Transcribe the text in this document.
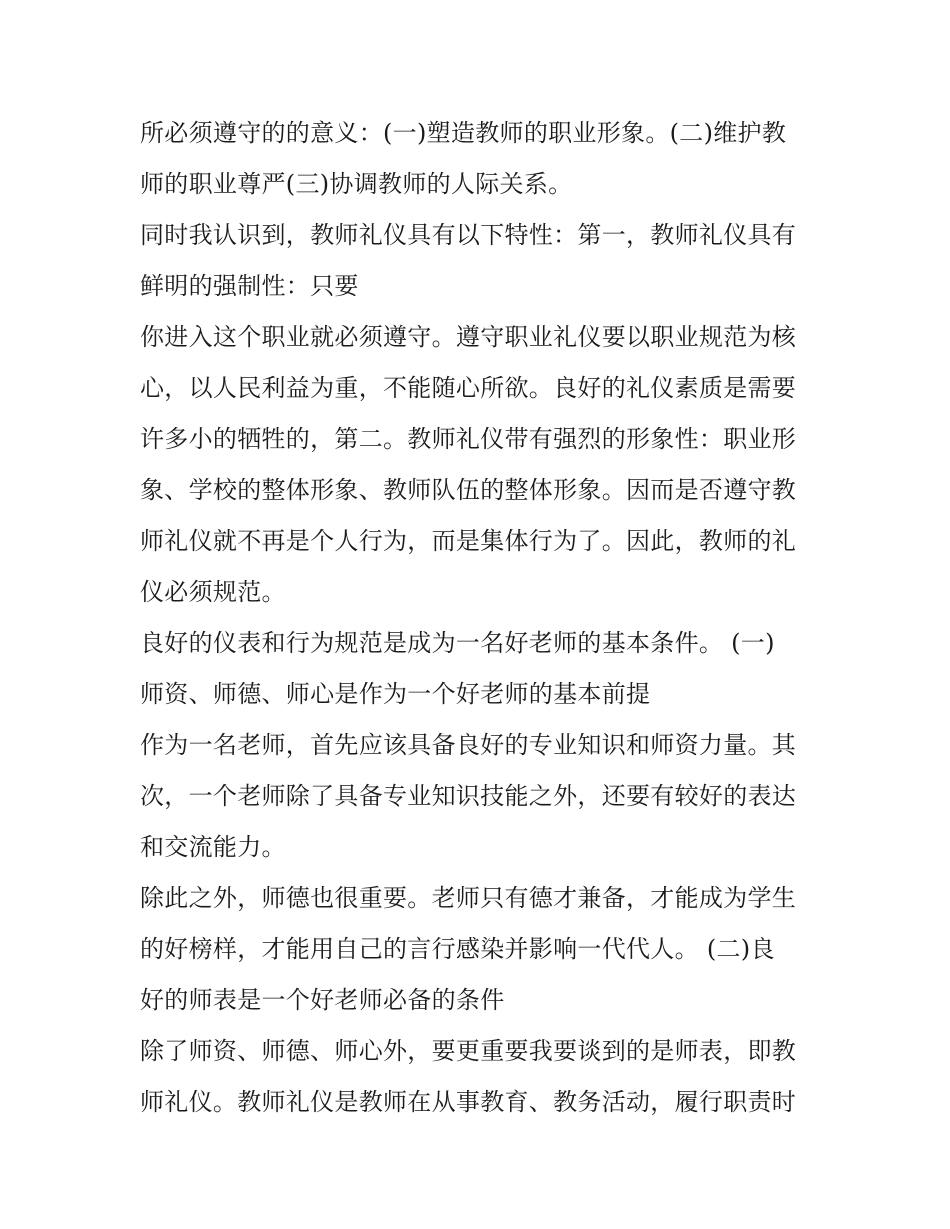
所必须遵守的的意义：(一)塑造教师的职业形象。(二)维护教
师的职业尊严(三)协调教师的人际关系。
同时我认识到，教师礼仪具有以下特性：第一，教师礼仪具有
鲜明的强制性：只要
你进入这个职业就必须遵守。遵守职业礼仪要以职业规范为核
心，以人民利益为重，不能随心所欲。良好的礼仪素质是需要
许多小的牺牲的，第二。教师礼仪带有强烈的形象性：职业形
象、学校的整体形象、教师队伍的整体形象。因而是否遵守教
师礼仪就不再是个人行为，而是集体行为了。因此，教师的礼
仪必须规范。
良好的仪表和行为规范是成为一名好老师的基本条件。 (一)
师资、师德、师心是作为一个好老师的基本前提
作为一名老师，首先应该具备良好的专业知识和师资力量。其
次，一个老师除了具备专业知识技能之外，还要有较好的表达
和交流能力。
除此之外，师德也很重要。老师只有德才兼备，才能成为学生
的好榜样，才能用自己的言行感染并影响一代代人。 (二)良
好的师表是一个好老师必备的条件
除了师资、师德、师心外，要更重要我要谈到的是师表，即教
师礼仪。教师礼仪是教师在从事教育、教务活动，履行职责时
